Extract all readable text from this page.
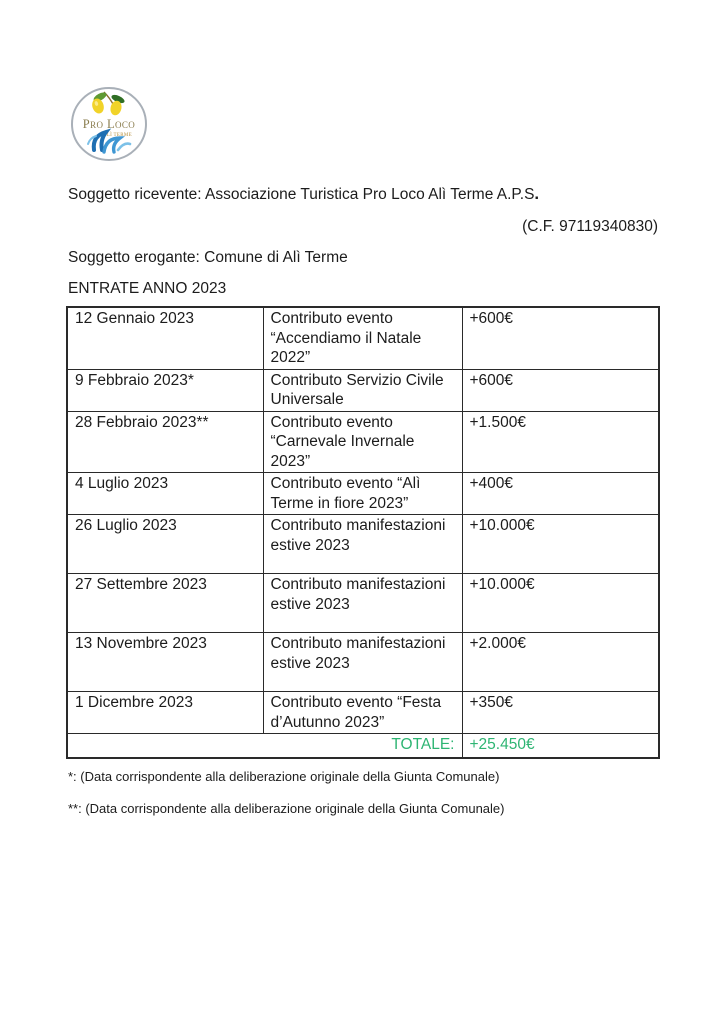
Pro Loco
ALÌ TERME
Soggetto ricevente: Associazione Turistica Pro Loco Alì Terme A.P.S.
(C.F. 97119340830)
Soggetto erogante: Comune di Alì Terme
ENTRATE ANNO 2023
12 Gennaio 2023	Contributo evento “Accendiamo il Natale 2022”	+600€
9 Febbraio 2023*	Contributo Servizio Civile Universale	+600€
28 Febbraio 2023**	Contributo evento “Carnevale Invernale 2023”	+1.500€
4 Luglio 2023	Contributo evento “Alì Terme in fiore 2023”	+400€
26 Luglio 2023	Contributo manifestazioni estive 2023	+10.000€
27 Settembre 2023	Contributo manifestazioni estive 2023	+10.000€
13 Novembre 2023	Contributo manifestazioni estive 2023	+2.000€
1 Dicembre 2023	Contributo evento “Festa d’Autunno 2023”	+350€
TOTALE:		+25.450€
*: (Data corrispondente alla deliberazione originale della Giunta Comunale)
**: (Data corrispondente alla deliberazione originale della Giunta Comunale)
